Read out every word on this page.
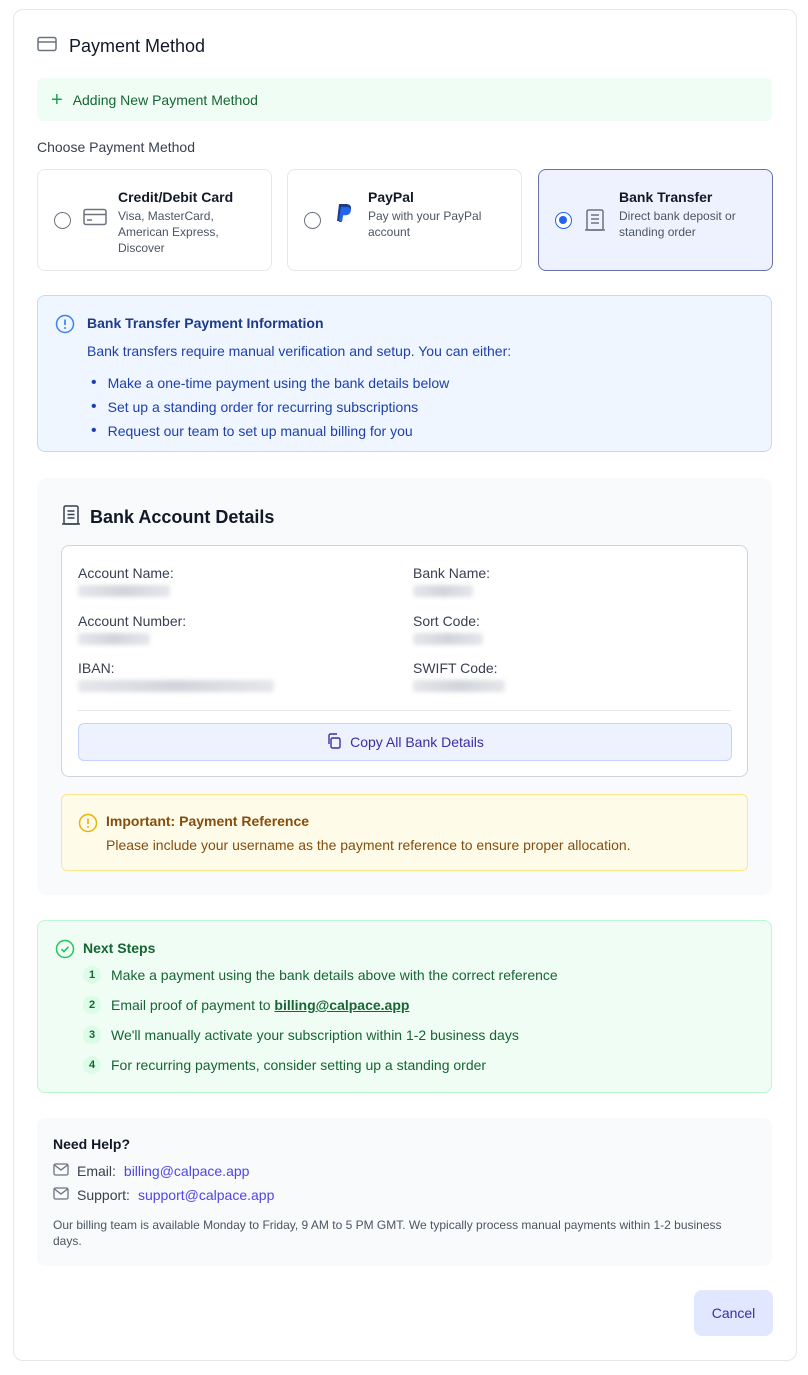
Payment Method
+ Adding New Payment Method
Choose Payment Method
Credit/Debit Card
Visa, MasterCard, American Express, Discover
PayPal
Pay with your PayPal account
Bank Transfer
Direct bank deposit or standing order
Bank Transfer Payment Information
Bank transfers require manual verification and setup. You can either:
• Make a one-time payment using the bank details below
• Set up a standing order for recurring subscriptions
• Request our team to set up manual billing for you
Bank Account Details
Account Name:	Bank Name:
Account Number:	Sort Code:
IBAN:	SWIFT Code:
Copy All Bank Details
Important: Payment Reference
Please include your username as the payment reference to ensure proper allocation.
Next Steps
1	Make a payment using the bank details above with the correct reference
2	Email proof of payment to billing@calpace.app
3	We'll manually activate your subscription within 1-2 business days
4	For recurring payments, consider setting up a standing order
Need Help?
Email: billing@calpace.app
Support: support@calpace.app
Our billing team is available Monday to Friday, 9 AM to 5 PM GMT. We typically process manual payments within 1-2 business days.
Cancel
